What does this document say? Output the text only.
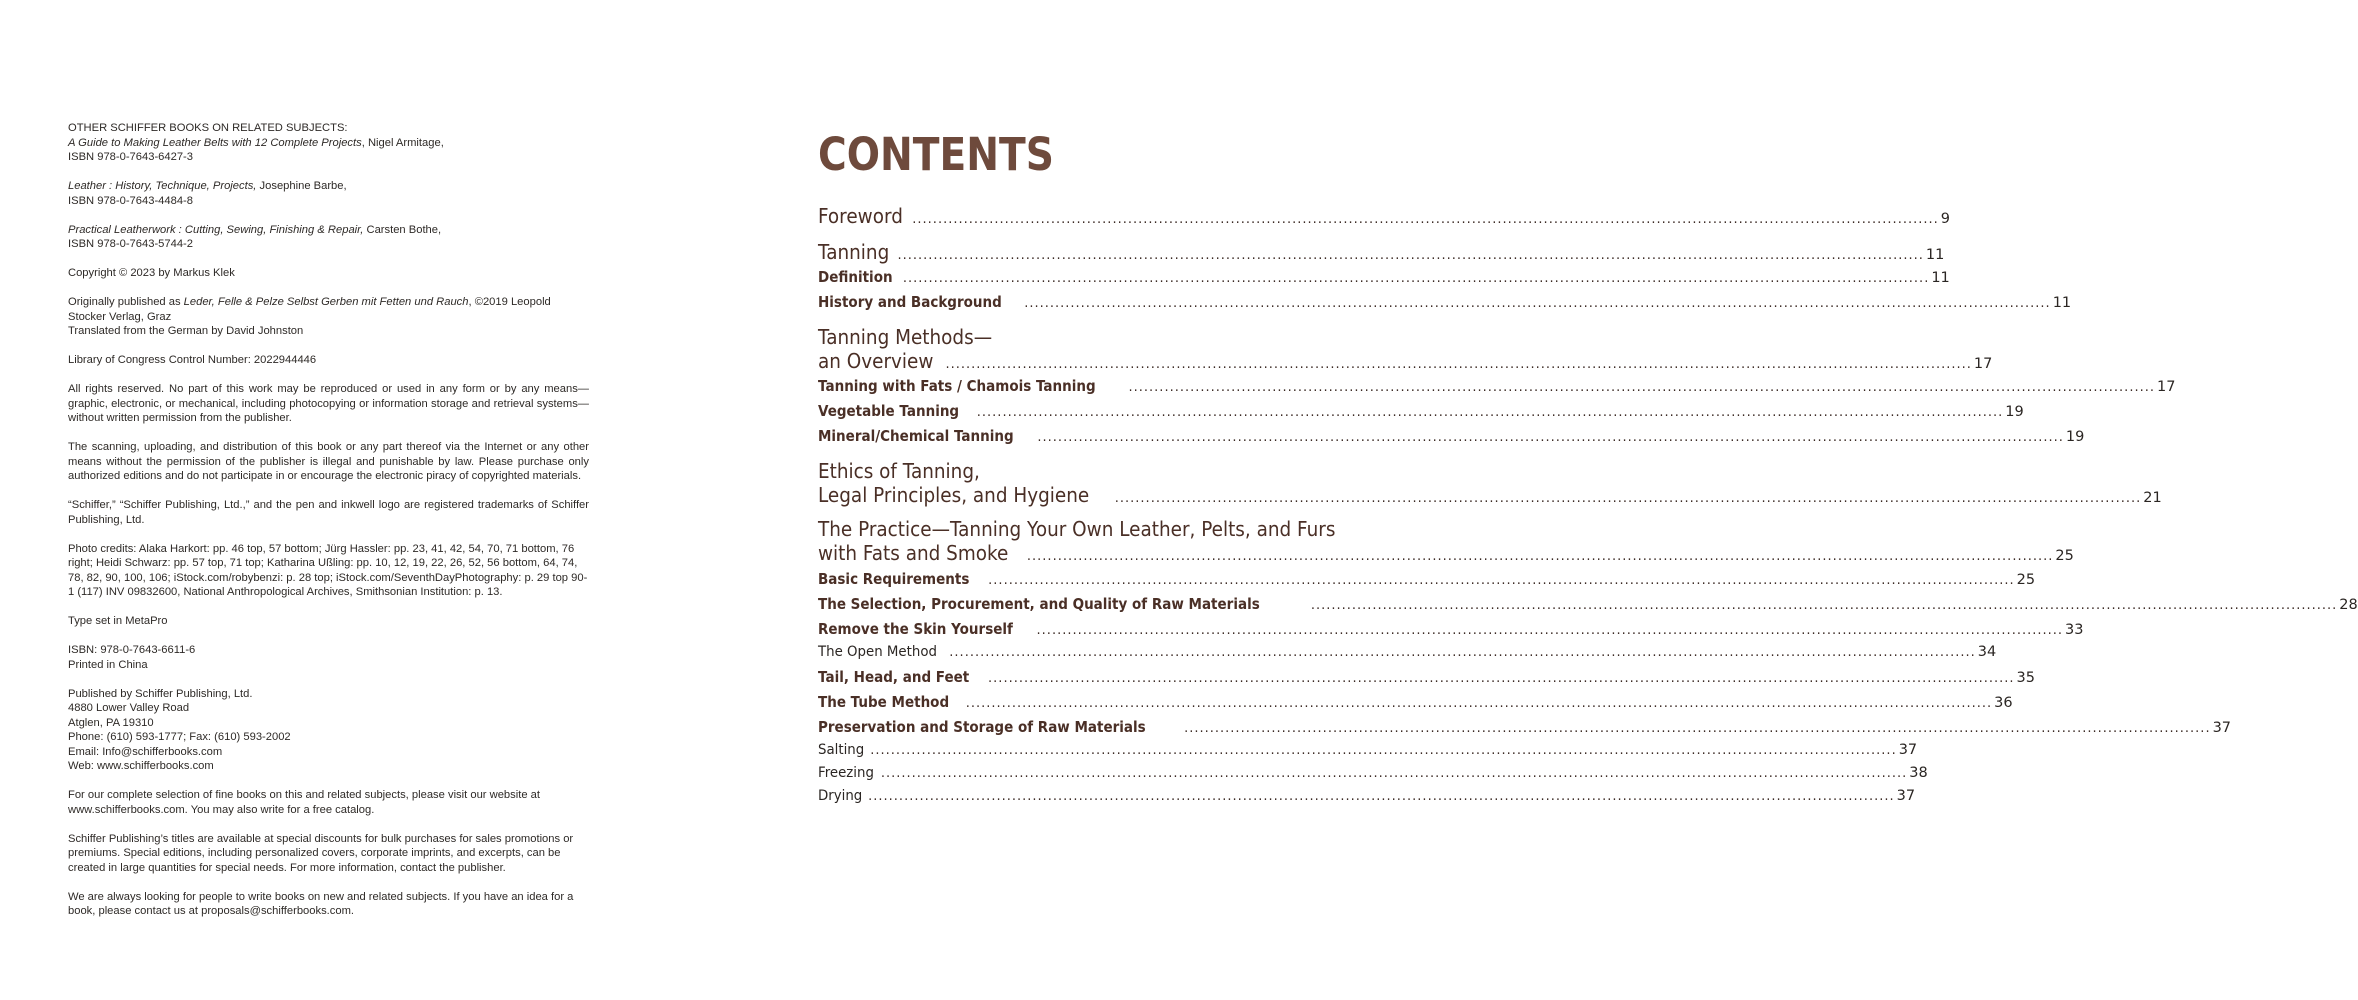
OTHER SCHIFFER BOOKS ON RELATED SUBJECTS:

A Guide to Making Leather Belts with 12 Complete Projects, Nigel Armitage,
ISBN 978-0-7643-6427-3

Leather : History, Technique, Projects, Josephine Barbe,
ISBN 978-0-7643-4484-8

Practical Leatherwork : Cutting, Sewing, Finishing & Repair, Carsten Bothe,
ISBN 978-0-7643-5744-2

Copyright © 2023 by Markus Klek

Originally published as Leder, Felle & Pelze Selbst Gerben mit Fetten und Rauch, ©2019 Leopold
Stocker Verlag, Graz
Translated from the German by David Johnston

Library of Congress Control Number: 2022944446

All rights reserved. No part of this work may be reproduced or used in any form or by any means—graphic, electronic, or mechanical, including photocopying or information storage and retrieval systems—without written permission from the publisher.

The scanning, uploading, and distribution of this book or any part thereof via the Internet or any other means without the permission of the publisher is illegal and punishable by law. Please purchase only authorized editions and do not participate in or encourage the electronic piracy of copyrighted materials.

“Schiffer,” “Schiffer Publishing, Ltd.,” and the pen and inkwell logo are registered trademarks of Schiffer Publishing, Ltd.

Photo credits: Alaka Harkort: pp. 46 top, 57 bottom; Jürg Hassler: pp. 23, 41, 42, 54, 70, 71 bottom, 76 right; Heidi Schwarz: pp. 57 top, 71 top; Katharina Ußling: pp. 10, 12, 19, 22, 26, 52, 56 bottom, 64, 74, 78, 82, 90, 100, 106; iStock.com/robybenzi: p. 28 top; iStock.com/SeventhDayPhotography: p. 29 top 90-1 (117) INV 09832600, National Anthropological Archives, Smithsonian Institution: p. 13.

Type set in MetaPro

ISBN: 978-0-7643-6611-6
Printed in China

Published by Schiffer Publishing, Ltd.
4880 Lower Valley Road
Atglen, PA 19310
Phone: (610) 593-1777; Fax: (610) 593-2002
Email: Info@schifferbooks.com
Web: www.schifferbooks.com

For our complete selection of fine books on this and related subjects, please visit our website at www.schifferbooks.com. You may also write for a free catalog.

Schiffer Publishing’s titles are available at special discounts for bulk purchases for sales promotions or premiums. Special editions, including personalized covers, corporate imprints, and excerpts, can be created in large quantities for special needs. For more information, contact the publisher.

We are always looking for people to write books on new and related subjects. If you have an idea for a book, please contact us at proposals@schifferbooks.com.

CONTENTS
Foreword ........................................................................................................................................................................................................ 9
Tanning ........................................................................................................................................................................................................ 11
Definition ........................................................................................................................................................................................................ 11
History and Background ........................................................................................................................................................................................................ 11
Tanning Methods—
an Overview ........................................................................................................................................................................................................ 17
Tanning with Fats / Chamois Tanning	........................................................................................................................................................................................................ 17
Vegetable Tanning ........................................................................................................................................................................................................ 19
Mineral/Chemical Tanning ........................................................................................................................................................................................................ 19
Ethics of Tanning,
Legal Principles, and Hygiene ........................................................................................................................................................................................................ 21
The Practice—Tanning Your Own Leather, Pelts, and Furs
with Fats and Smoke ........................................................................................................................................................................................................ 25
Basic Requirements ........................................................................................................................................................................................................ 25
The Selection, Procurement, and Quality of Raw Materials	........................................................................................................................................................................................................ 28
Remove the Skin Yourself ........................................................................................................................................................................................................ 33
The Open Method ........................................................................................................................................................................................................ 34
Tail, Head, and Feet ........................................................................................................................................................................................................ 35
The Tube Method ........................................................................................................................................................................................................ 36
Preservation and Storage of Raw Materials	........................................................................................................................................................................................................ 37
Salting ........................................................................................................................................................................................................ 37
Freezing ........................................................................................................................................................................................................ 38
Drying ........................................................................................................................................................................................................ 37
